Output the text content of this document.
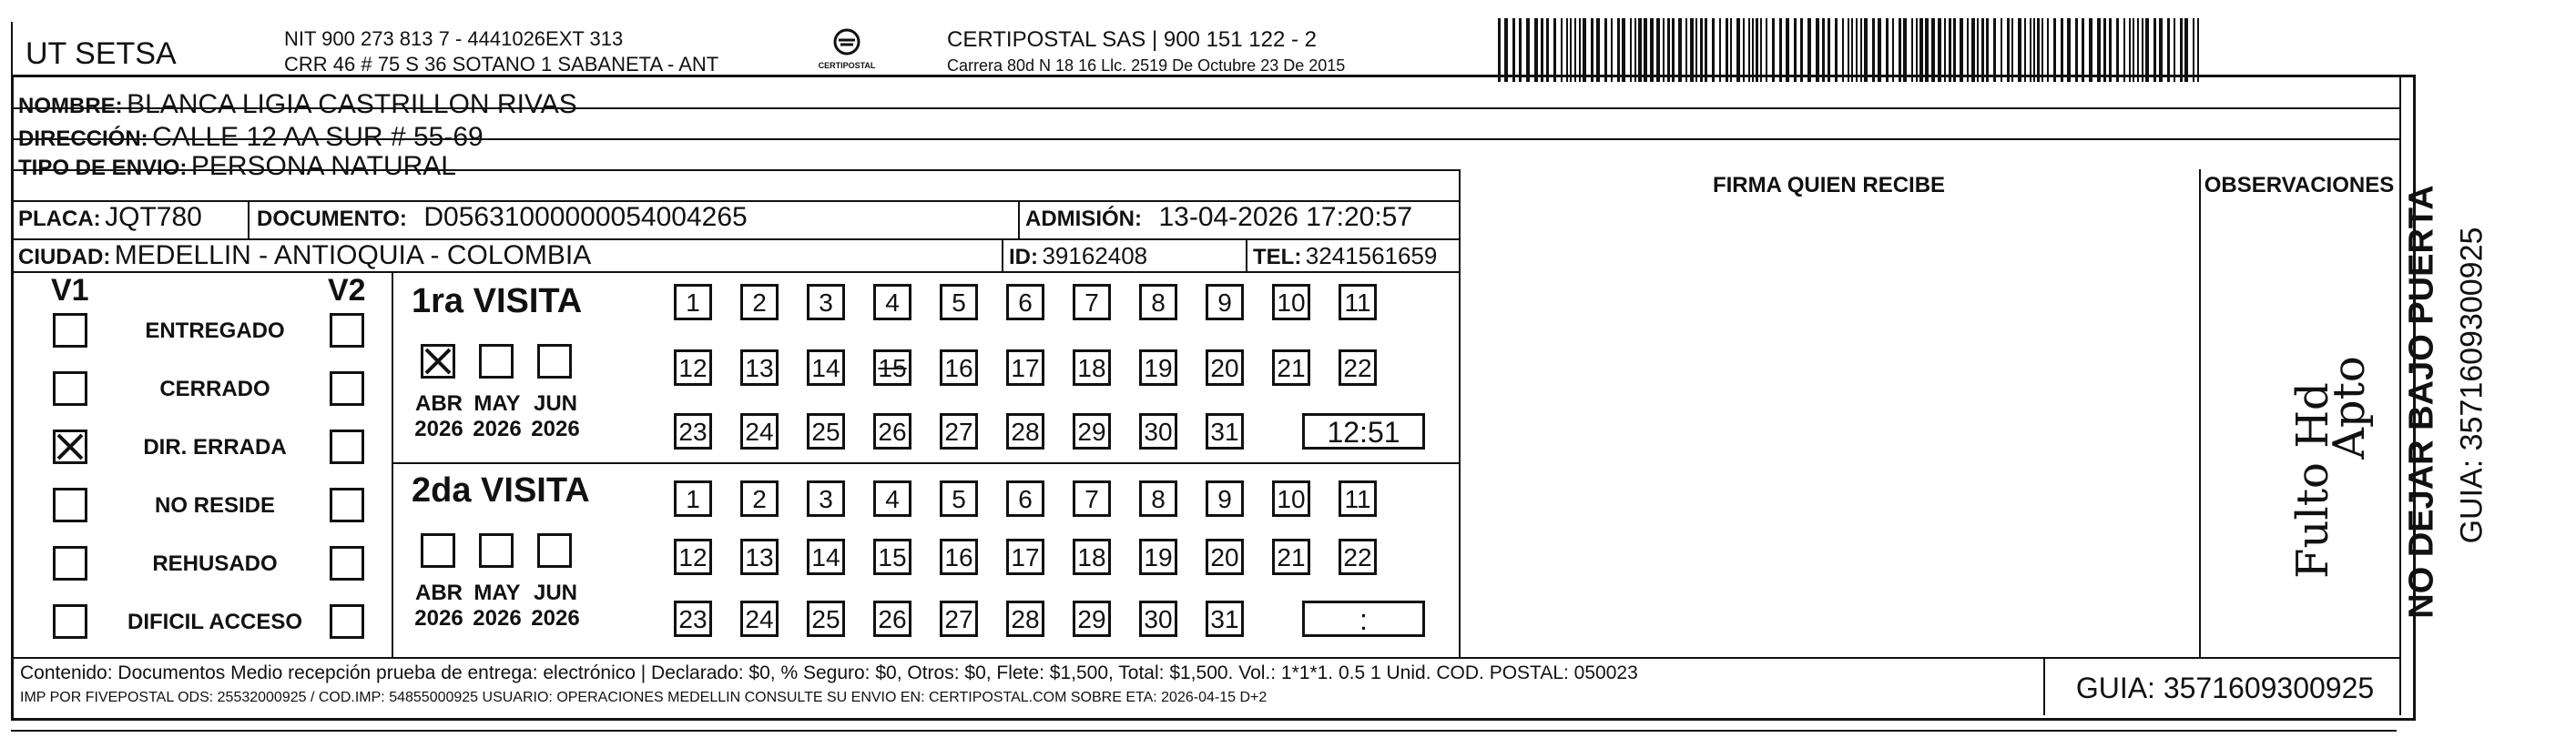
UT SETSA	NIT 900 273 813 7 - 4441026EXT 313
CRR 46 # 75 S 36 SOTANO 1 SABANETA - ANT	CERTIPOSTAL
CERTIPOSTAL SAS | 900 151 122 - 2
Carrera 80d N 18 16 Llc. 2519 De Octubre 23 De 2015
NOMBRE: BLANCA LIGIA CASTRILLON RIVAS
DIRECCIÓN: CALLE 12 AA SUR # 55-69
TIPO DE ENVIO: PERSONA NATURAL
FIRMA QUIEN RECIBE	OBSERVACIONES
PLACA: JQT780	DOCUMENTO: D05631000000054004265	ADMISIÓN: 13-04-2026 17:20:57
CIUDAD: MEDELLIN - ANTIOQUIA - COLOMBIA	ID: 39162408	TEL: 3241561659
V1	V2
ENTREGADO
CERRADO
DIR. ERRADA
NO RESIDE
REHUSADO
DIFICIL ACCESO
1ra VISITA
2da VISITA
ABR
2026
MAY
2026
JUN
2026
1	2	3	4	5	6	7	8	9	10 11
12 13 14 15 16 17 18 19 20 21 22
23 24 25 26 27 28 29 30 31	12:51
ABR
2026
MAY
2026
JUN
2026
1	2	3	4	5	6	7	8	9	10 11
12 13 14 15 16 17 18 19 20 21 22
23 24 25 26 27 28 29 30 31	:
Fulto Hd
Apto NO DEJAR BAJO PUERTA GUIA: 3571609300925
Contenido: Documentos Medio recepción prueba de entrega: electrónico | Declarado: $0, % Seguro: $0, Otros: $0, Flete: $1,500, Total: $1,500. Vol.: 1*1*1. 0.5 1 Unid. COD. POSTAL: 050023
IMP POR FIVEPOSTAL ODS: 25532000925 / COD.IMP: 54855000925 USUARIO: OPERACIONES MEDELLIN CONSULTE SU ENVIO EN: CERTIPOSTAL.COM SOBRE ETA: 2026-04-15 D+2	GUIA: 3571609300925
